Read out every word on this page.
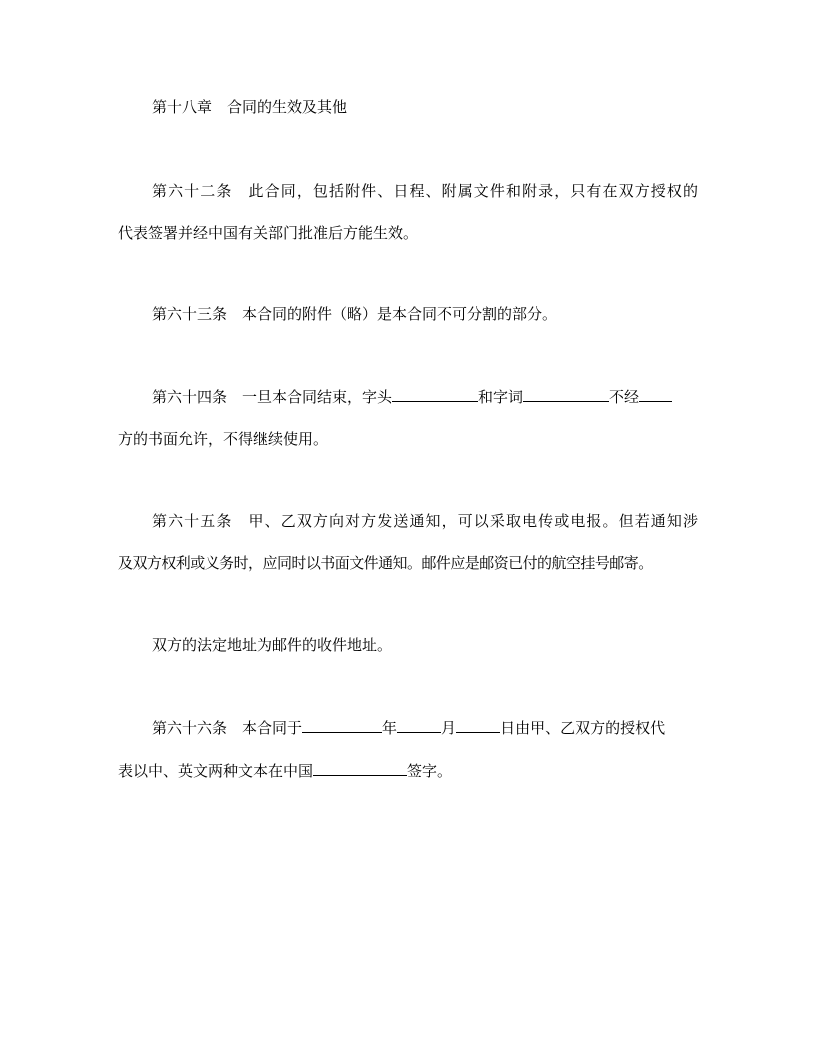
第十八章 合同的生效及其他
第六十二条 此合同，包括附件、日程、附属文件和附录，只有在双方授权的
代表签署并经中国有关部门批准后方能生效。
第六十三条 本合同的附件（略）是本合同不可分割的部分。
第六十四条 一旦本合同结束，字头	和字词	不经
方的书面允许，不得继续使用。
第六十五条 甲、乙双方向对方发送通知，可以采取电传或电报。但若通知涉
及双方权利或义务时，应同时以书面文件通知。邮件应是邮资已付的航空挂号邮寄。
双方的法定地址为邮件的收件地址。
第六十六条 本合同于	年	月	日由甲、乙双方的授权代
表以中、英文两种文本在中国	签字。
